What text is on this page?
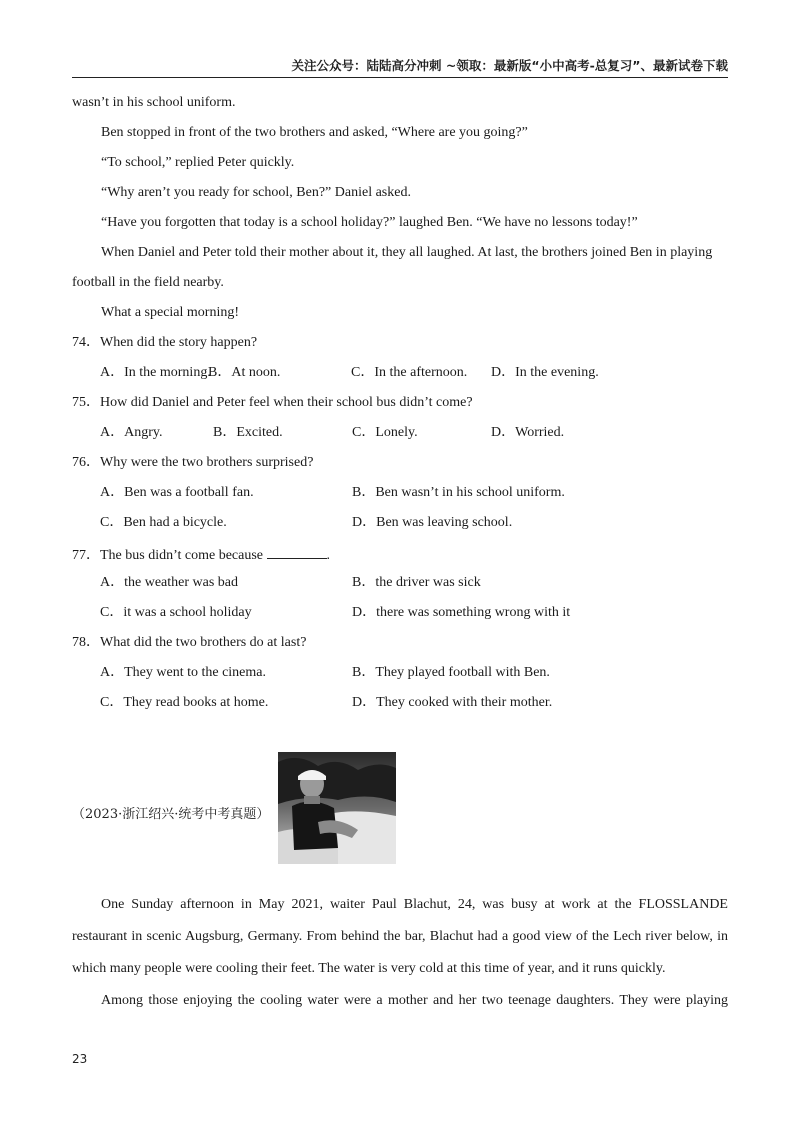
关注公众号：陆陆高分冲刺 ~领取：最新版“小中高考-总复习”、最新试卷下载
wasn’t in his school uniform.
Ben stopped in front of the two brothers and asked, “Where are you going?”
“To school,” replied Peter quickly.
“Why aren’t you ready for school, Ben?” Daniel asked.
“Have you forgotten that today is a school holiday?” laughed Ben. “We have no lessons today!”
When Daniel and Peter told their mother about it, they all laughed. At last, the brothers joined Ben in playing
football in the field nearby.
What a special morning!
74．When did the story happen?
A．In the morning.
B．At noon.	C．In the afternoon.	D．In the evening.
75．How did Daniel and Peter feel when their school bus didn’t come?
A．Angry.	B．Excited.	C．Lonely.	D．Worried.
76．Why were the two brothers surprised?
A．Ben was a football fan.	B．Ben wasn’t in his school uniform.
C．Ben had a bicycle.	D．Ben was leaving school.
77．The bus didn’t come because	.
A．the weather was bad	B．the driver was sick
C．it was a school holiday	D．there was something wrong with it
78．What did the two brothers do at last?
A．They went to the cinema.	B．They played football with Ben.
C．They read books at home.	D．They cooked with their mother.
（2023·浙江绍兴·统考中考真题）
One Sunday afternoon in May 2021, waiter Paul Blachut, 24, was busy at work at the FLOSSLANDE
restaurant in scenic Augsburg, Germany. From behind the bar, Blachut had a good view of the Lech river below, in
which many people were cooling their feet. The water is very cold at this time of year, and it runs quickly.
Among those enjoying the cooling water were a mother and her two teenage daughters. They were playing
23
